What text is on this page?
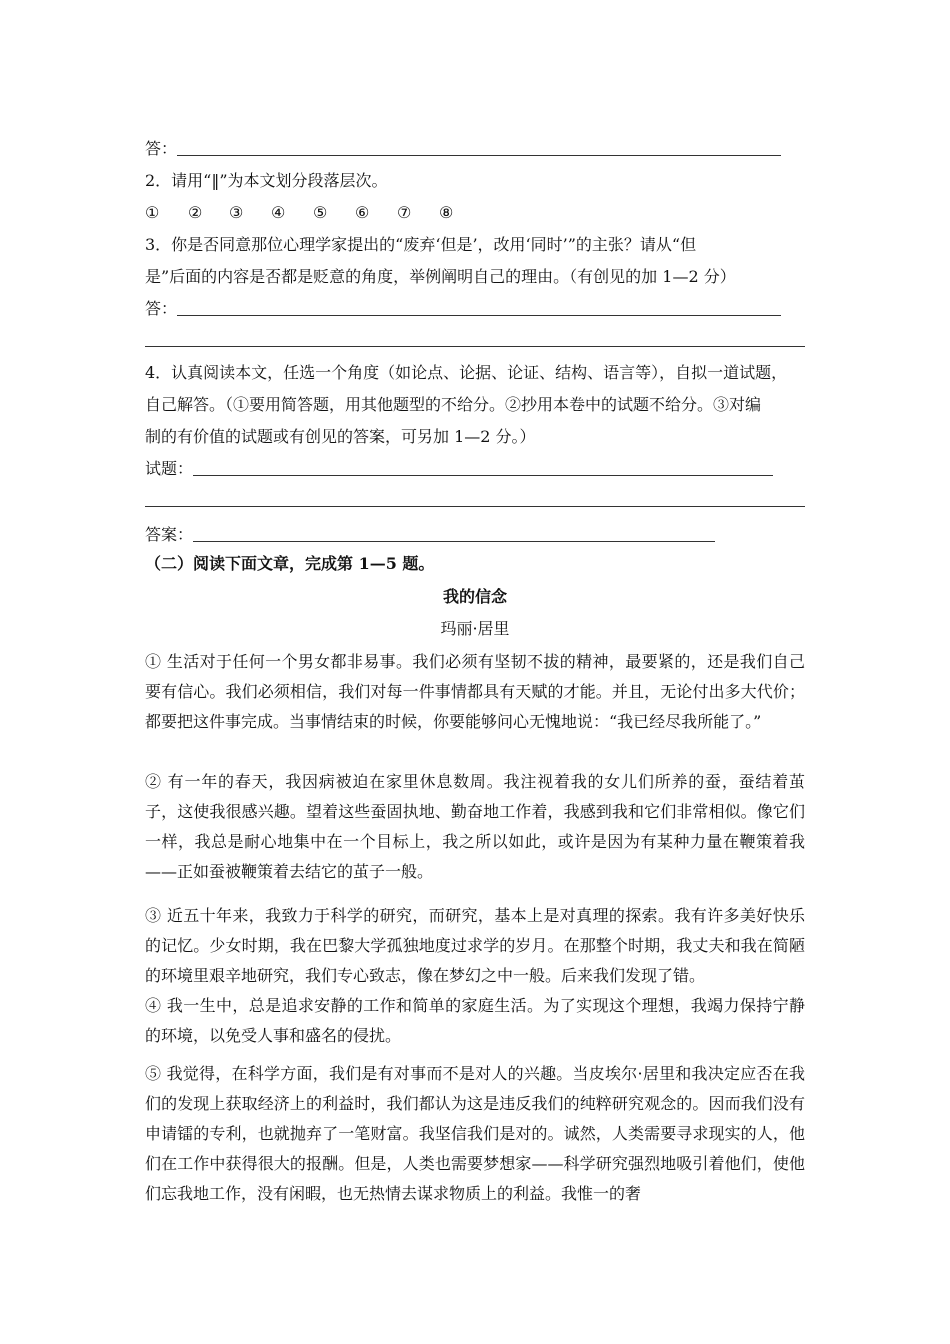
答：
2．请用“‖”为本文划分段落层次。
① ② ③ ④ ⑤ ⑥ ⑦ ⑧
3．你是否同意那位心理学家提出的“废弃‘但是’，改用‘同时’”的主张？请从“但
是”后面的内容是否都是贬意的角度，举例阐明自己的理由。（有创见的加 1—2 分）
答：
4．认真阅读本文，任选一个角度（如论点、论据、论证、结构、语言等），自拟一道试题，
自己解答。（①要用简答题，用其他题型的不给分。②抄用本卷中的试题不给分。③对编
制的有价值的试题或有创见的答案，可另加 1—2 分。）
试题：
答案：
（二）阅读下面文章，完成第 1—5 题。
我的信念
玛丽·居里
① 生活对于任何一个男女都非易事。我们必须有坚韧不拔的精神，最要紧的，还是我们自己要有信心。我们必须相信，我们对每一件事情都具有天赋的才能。并且，无论付出多大代价；都要把这件事完成。当事情结束的时候，你要能够问心无愧地说：“我已经尽我所能了。”
② 有一年的春天，我因病被迫在家里休息数周。我注视着我的女儿们所养的蚕，蚕结着茧子，这使我很感兴趣。望着这些蚕固执地、勤奋地工作着，我感到我和它们非常相似。像它们一样，我总是耐心地集中在一个目标上，我之所以如此，或许是因为有某种力量在鞭策着我——正如蚕被鞭策着去结它的茧子一般。
③ 近五十年来，我致力于科学的研究，而研究，基本上是对真理的探索。我有许多美好快乐的记忆。少女时期，我在巴黎大学孤独地度过求学的岁月。在那整个时期，我丈夫和我在简陋的环境里艰辛地研究，我们专心致志，像在梦幻之中一般。后来我们发现了错。
④ 我一生中，总是追求安静的工作和简单的家庭生活。为了实现这个理想，我竭力保持宁静的环境，以免受人事和盛名的侵扰。
⑤ 我觉得，在科学方面，我们是有对事而不是对人的兴趣。当皮埃尔·居里和我决定应否在我们的发现上获取经济上的利益时，我们都认为这是违反我们的纯粹研究观念的。因而我们没有申请镭的专利，也就抛弃了一笔财富。我坚信我们是对的。诚然，人类需要寻求现实的人，他们在工作中获得很大的报酬。但是，人类也需要梦想家——科学研究强烈地吸引着他们，使他们忘我地工作，没有闲暇，也无热情去谋求物质上的利益。我惟一的奢
